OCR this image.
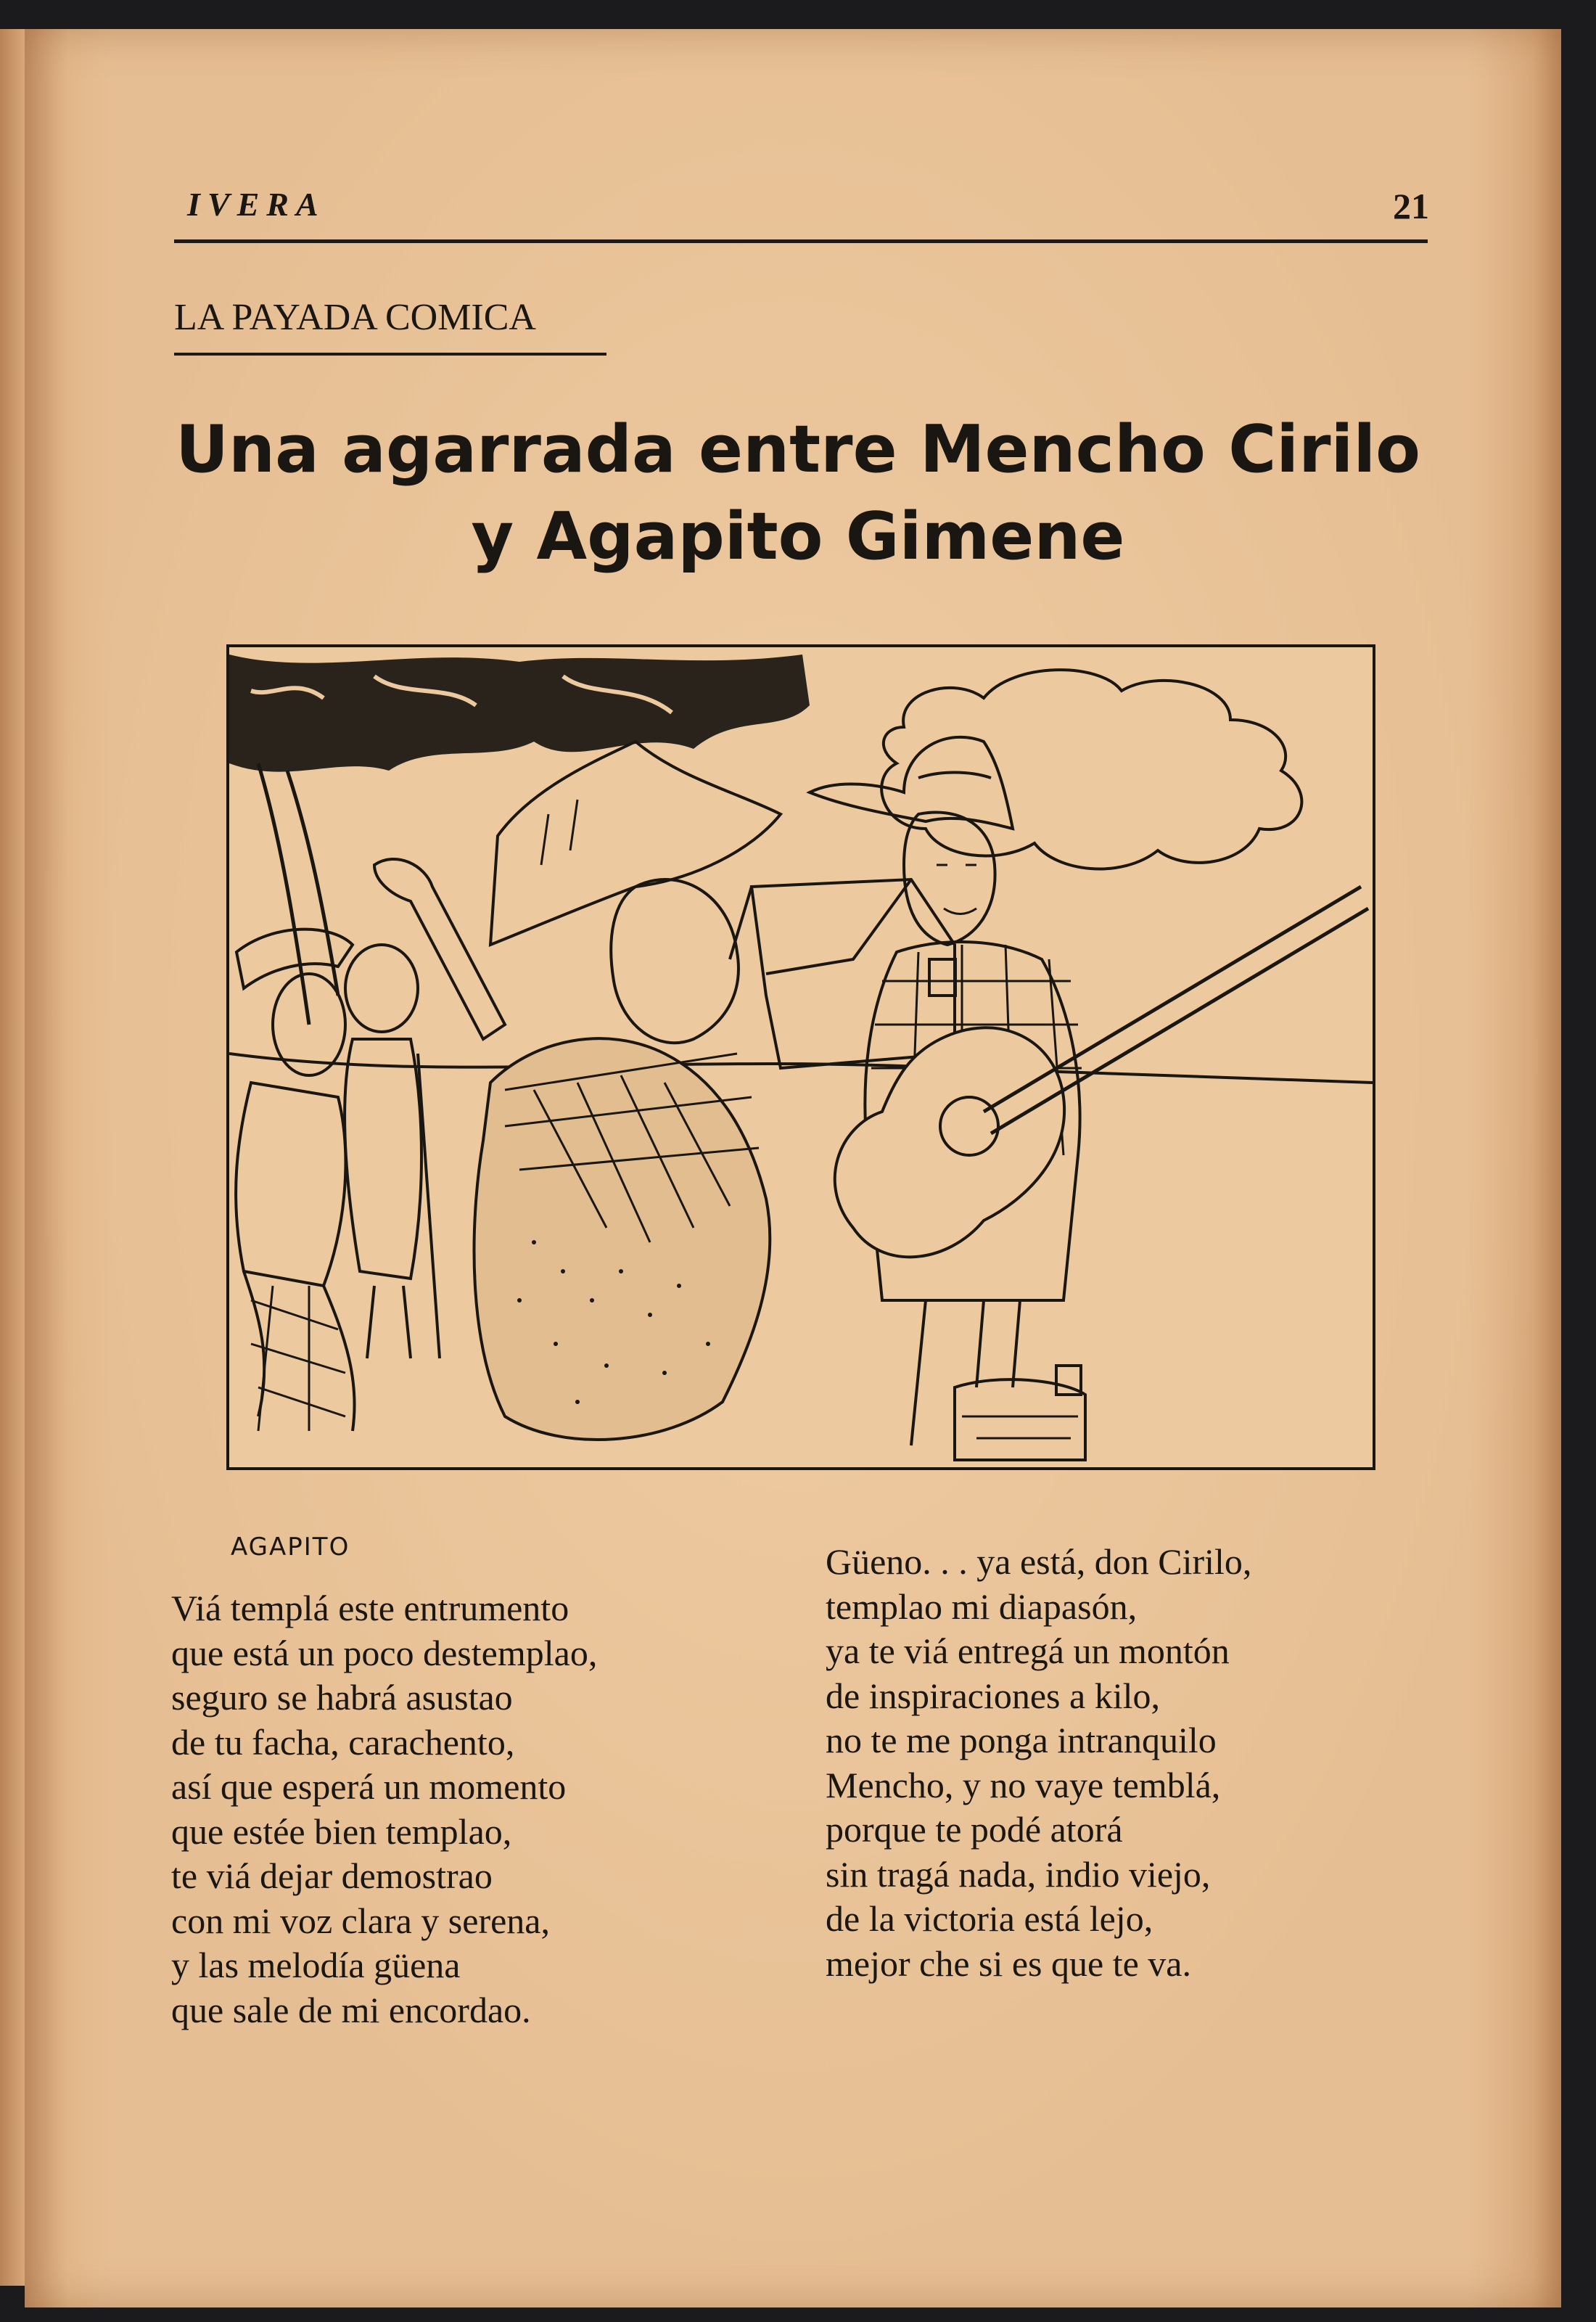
IVERA	21
LA PAYADA COMICA
Una agarrada entre Mencho Cirilo
y Agapito Gimene
AGAPITO
Viá templá este entrumento
que está un poco destemplao,
seguro se habrá asustao
de tu facha, carachento,
así que esperá un momento
que estée bien templao,
te viá dejar demostrao
con mi voz clara y serena,
y las melodía güena
que sale de mi encordao.
Güeno. . . ya está, don Cirilo,
templao mi diapasón,
ya te viá entregá un montón
de inspiraciones a kilo,
no te me ponga intranquilo
Mencho, y no vaye temblá,
porque te podé atorá
sin tragá nada, indio viejo,
de la victoria está lejo,
mejor che si es que te va.
